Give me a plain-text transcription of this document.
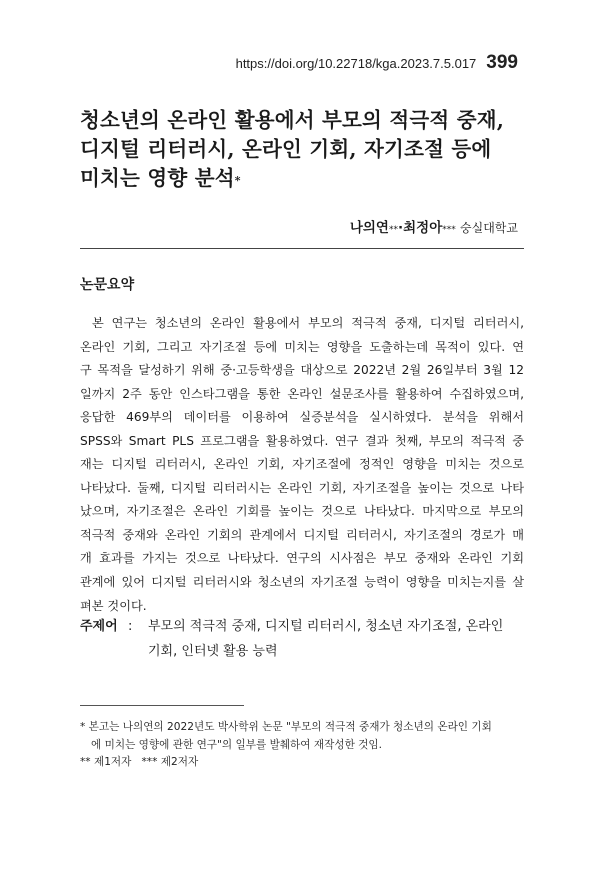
https://doi.org/10.22718/kga.2023.7.5.017 399
청소년의 온라인 활용에서 부모의 적극적 중재,
디지털 리터러시, 온라인 기회, 자기조절 등에
미치는 영향 분석*
나의연**·최정아*** 숭실대학교
논문요약

본 연구는 청소년의 온라인 활용에서 부모의 적극적 중재, 디지털 리터러시,
온라인 기회, 그리고 자기조절 등에 미치는 영향을 도출하는데 목적이 있다. 연
구 목적을 달성하기 위해 중·고등학생을 대상으로 2022년 2월 26일부터 3월 12
일까지 2주 동안 인스타그램을 통한 온라인 설문조사를 활용하여 수집하였으며,
응답한 469부의 데이터를 이용하여 실증분석을 실시하였다. 분석을 위해서
SPSS와 Smart PLS 프로그램을 활용하였다. 연구 결과 첫째, 부모의 적극적 중
재는 디지털 리터러시, 온라인 기회, 자기조절에 정적인 영향을 미치는 것으로
나타났다. 둘째, 디지털 리터러시는 온라인 기회, 자기조절을 높이는 것으로 나타
났으며, 자기조절은 온라인 기회를 높이는 것으로 나타났다. 마지막으로 부모의
적극적 중재와 온라인 기회의 관계에서 디지털 리터러시, 자기조절의 경로가 매
개 효과를 가지는 것으로 나타났다. 연구의 시사점은 부모 중재와 온라인 기회
관계에 있어 디지털 리터러시와 청소년의 자기조절 능력이 영향을 미치는지를 살
펴본 것이다.

주제어 :	부모의 적극적 중재, 디지털 리터러시, 청소년 자기조절, 온라인
기회, 인터넷 활용 능력
* 본고는 나의연의 2022년도 박사학위 논문 "부모의 적극적 중재가 청소년의 온라인 기회
에 미치는 영향에 관한 연구"의 일부를 발췌하여 재작성한 것임.
** 제1저자   *** 제2저자
